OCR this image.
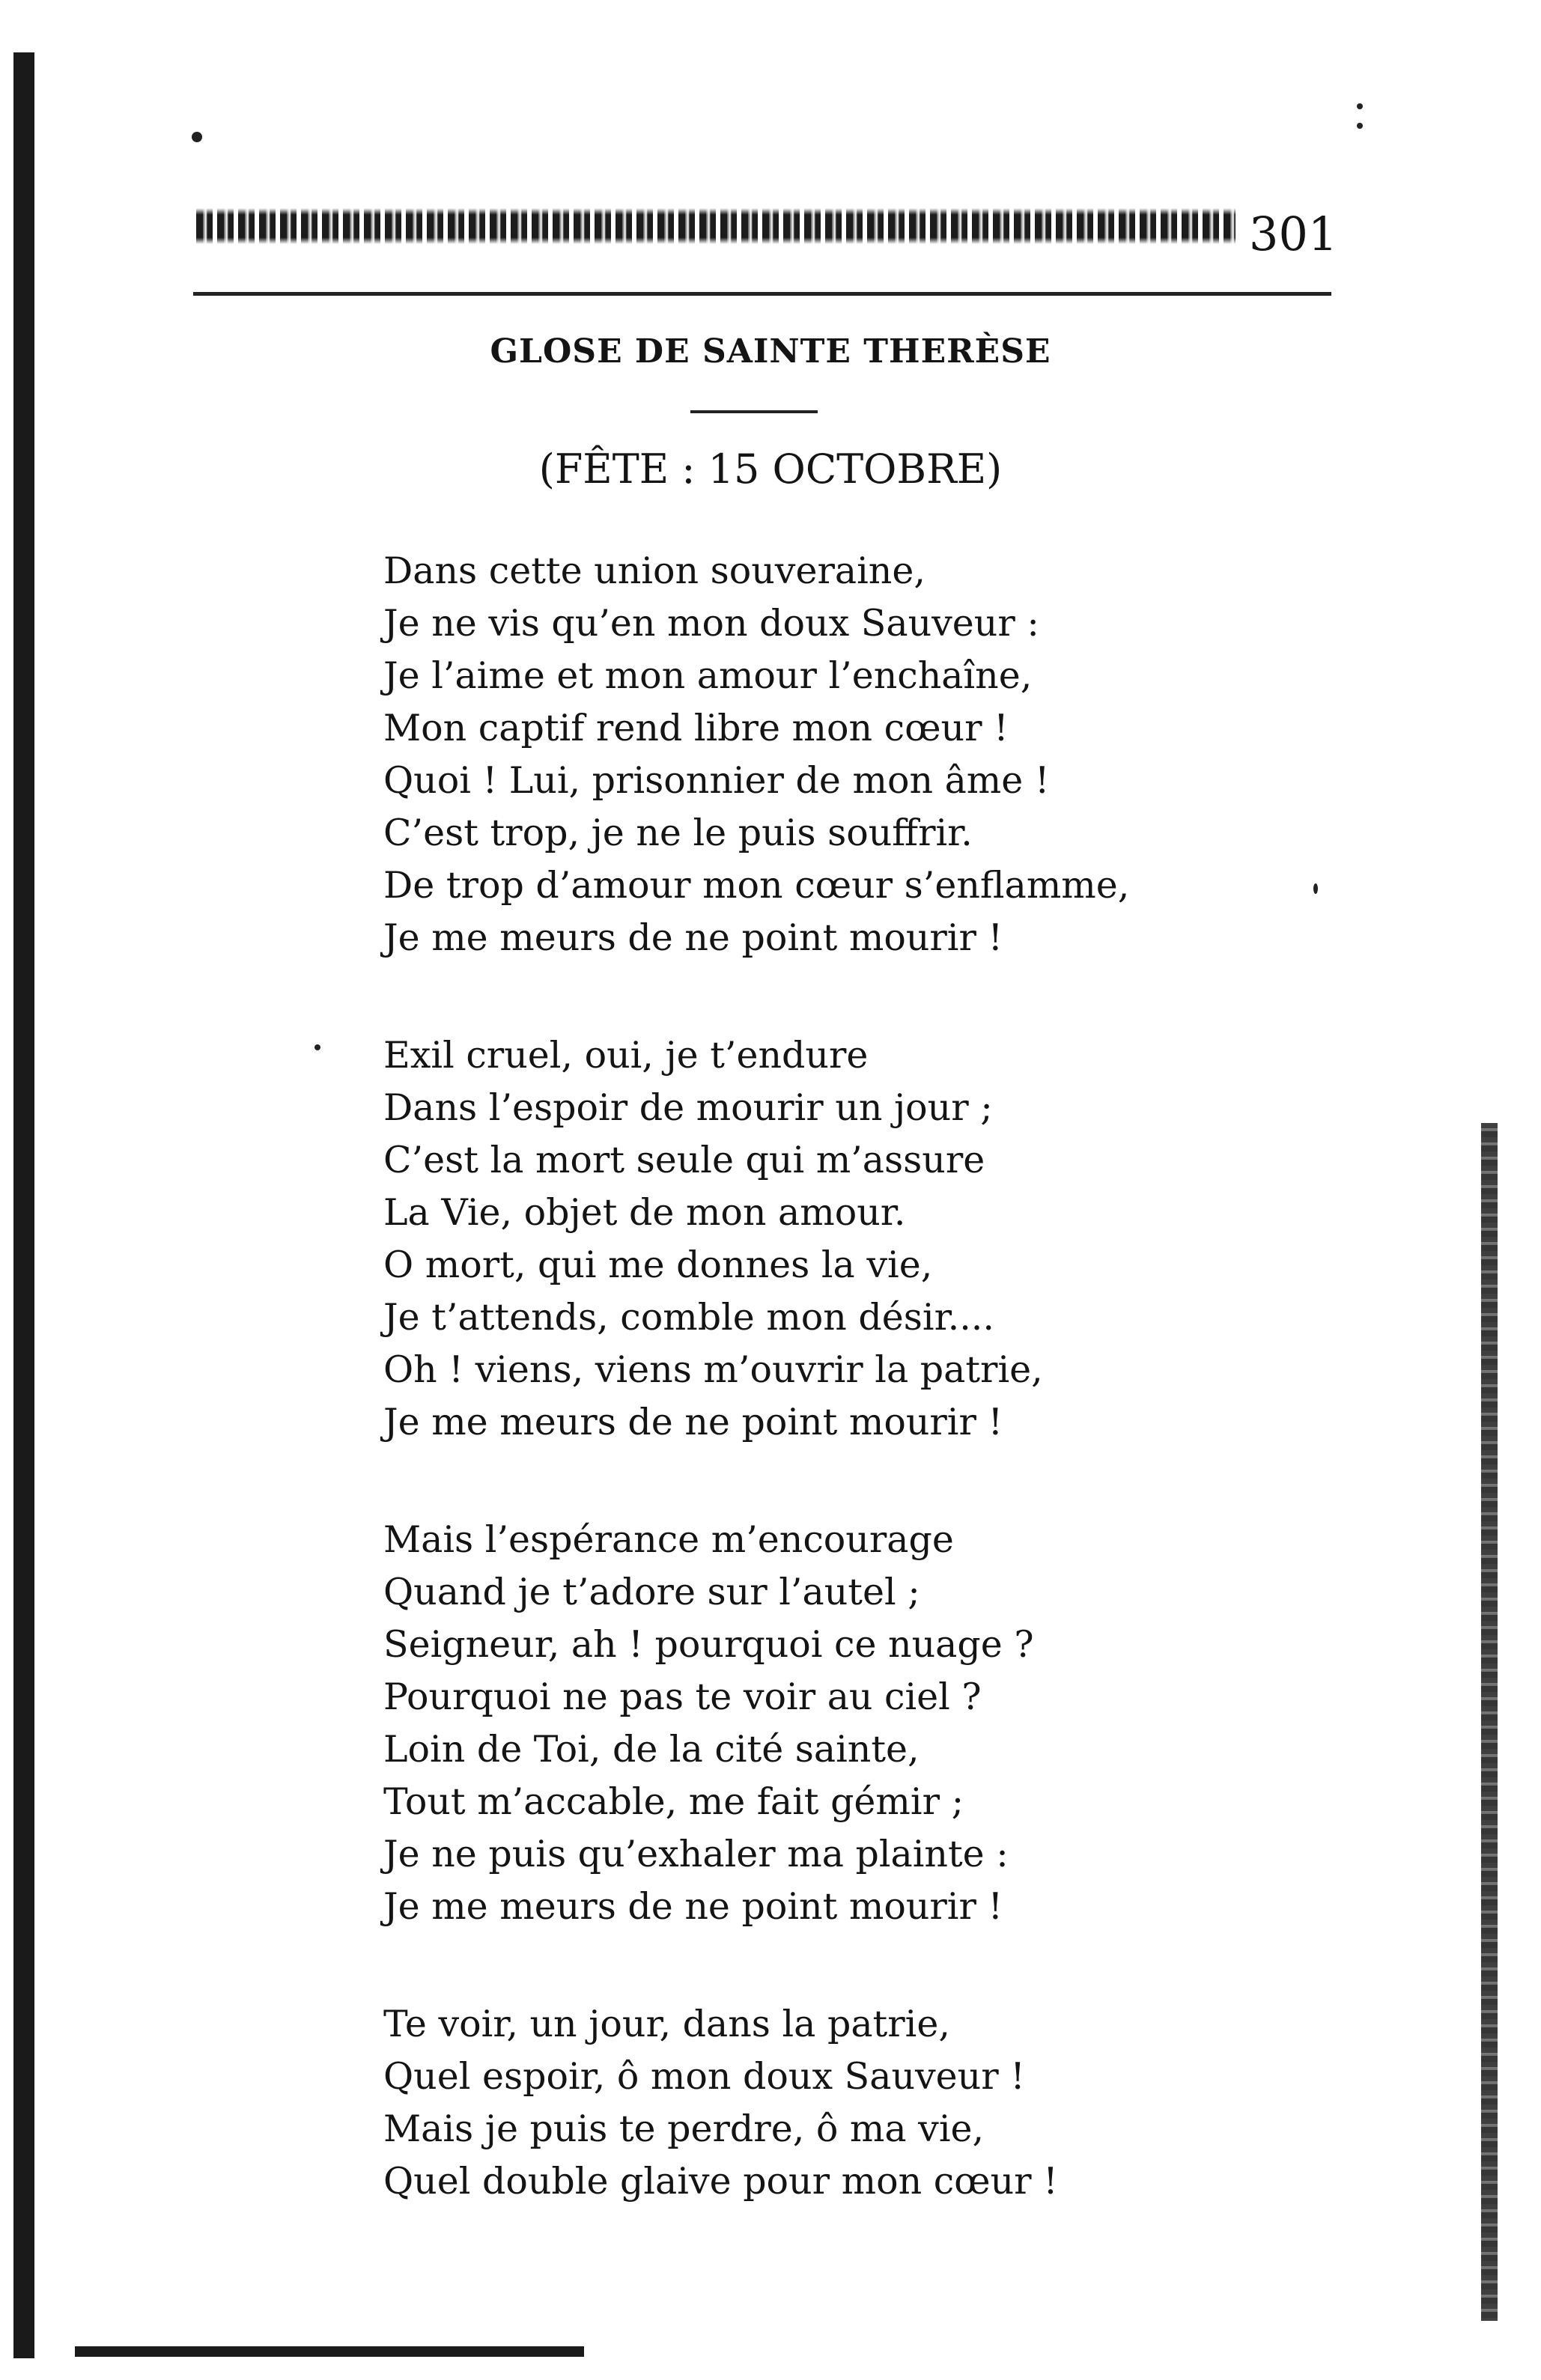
301
GLOSE DE SAINTE THERÈSE
(FÊTE : 15 OCTOBRE)
Dans cette union souveraine,
Je ne vis qu’en mon doux Sauveur :
Je l’aime et mon amour l’enchaîne,
Mon captif rend libre mon cœur !
Quoi ! Lui, prisonnier de mon âme !
C’est trop, je ne le puis souffrir.
De trop d’amour mon cœur s’enflamme,
Je me meurs de ne point mourir !
Exil cruel, oui, je t’endure
Dans l’espoir de mourir un jour ;
C’est la mort seule qui m’assure
La Vie, objet de mon amour.
O mort, qui me donnes la vie,
Je t’attends, comble mon désir....
Oh ! viens, viens m’ouvrir la patrie,
Je me meurs de ne point mourir !
Mais l’espérance m’encourage
Quand je t’adore sur l’autel ;
Seigneur, ah ! pourquoi ce nuage ?
Pourquoi ne pas te voir au ciel ?
Loin de Toi, de la cité sainte,
Tout m’accable, me fait gémir ;
Je ne puis qu’exhaler ma plainte :
Je me meurs de ne point mourir !
Te voir, un jour, dans la patrie,
Quel espoir, ô mon doux Sauveur !
Mais je puis te perdre, ô ma vie,
Quel double glaive pour mon cœur !
